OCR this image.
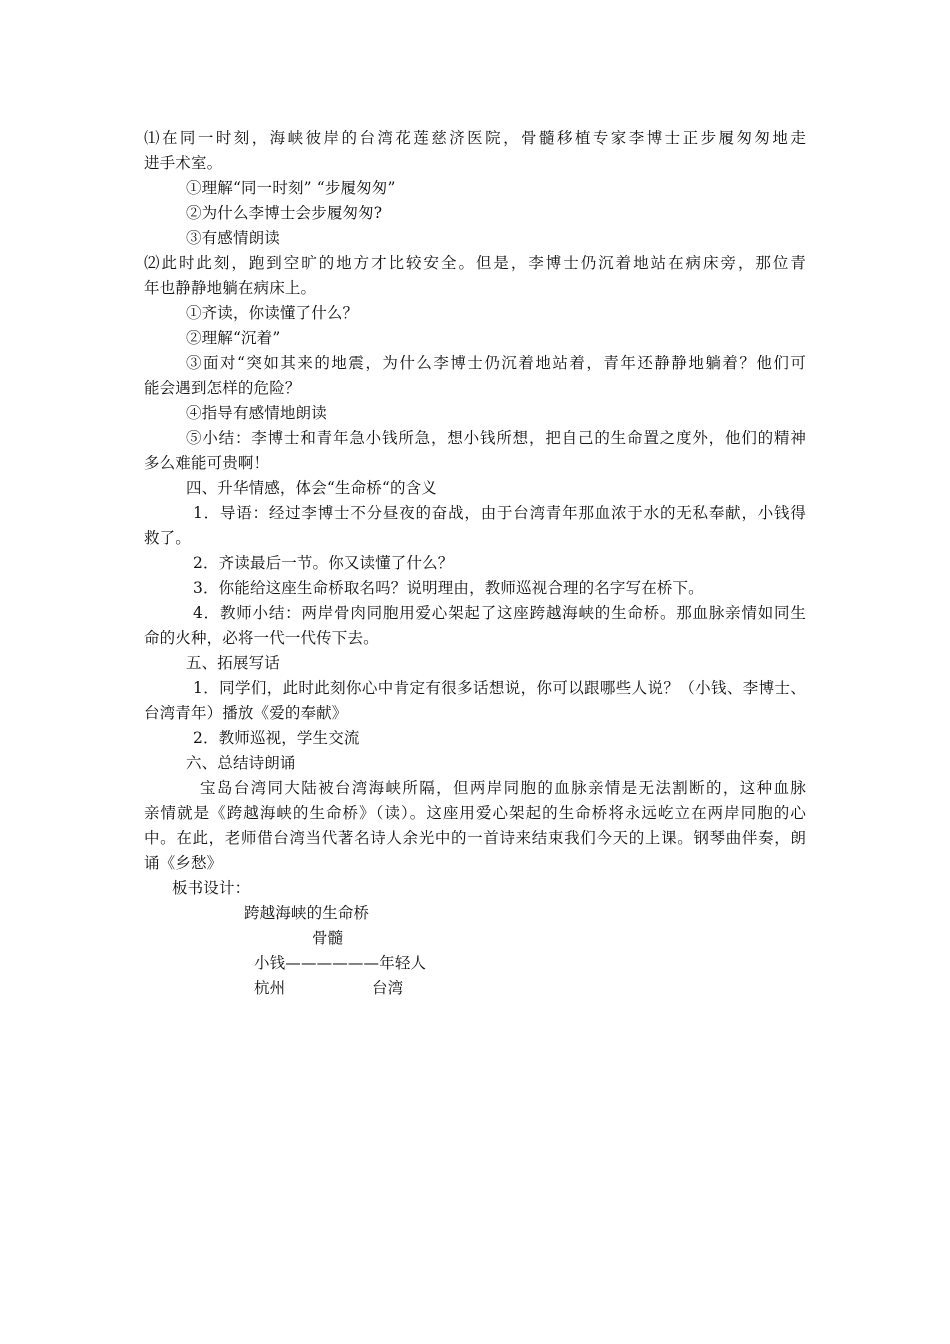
⑴在同一时刻，海峡彼岸的台湾花莲慈济医院，骨髓移植专家李博士正步履匆匆地走
进手术室。
①理解“同一时刻” “步履匆匆”
②为什么李博士会步履匆匆?
③有感情朗读
⑵此时此刻，跑到空旷的地方才比较安全。但是，李博士仍沉着地站在病床旁，那位青
年也静静地躺在病床上。
①齐读，你读懂了什么？
②理解“沉着”
③面对“突如其来的地震，为什么李博士仍沉着地站着，青年还静静地躺着？他们可
能会遇到怎样的危险？
④指导有感情地朗读
⑤小结：李博士和青年急小钱所急，想小钱所想，把自己的生命置之度外，他们的精神
多么难能可贵啊！
四、升华情感，体会“生命桥“的含义
1．导语：经过李博士不分昼夜的奋战，由于台湾青年那血浓于水的无私奉献，小钱得
救了。
2．齐读最后一节。你又读懂了什么？
3．你能给这座生命桥取名吗？说明理由，教师巡视合理的名字写在桥下。
4．教师小结：两岸骨肉同胞用爱心架起了这座跨越海峡的生命桥。那血脉亲情如同生
命的火种，必将一代一代传下去。
五、拓展写话
1．同学们，此时此刻你心中肯定有很多话想说，你可以跟哪些人说？（小钱、李博士、
台湾青年）播放《爱的奉献》
2．教师巡视，学生交流
六、总结诗朗诵
宝岛台湾同大陆被台湾海峡所隔，但两岸同胞的血脉亲情是无法割断的，这种血脉
亲情就是《跨越海峡的生命桥》（读）。这座用爱心架起的生命桥将永远屹立在两岸同胞的心
中。在此，老师借台湾当代著名诗人余光中的一首诗来结束我们今天的上课。钢琴曲伴奏，朗
诵《乡愁》
板书设计：
跨越海峡的生命桥
骨髓
小钱——————年轻人
杭州	台湾
